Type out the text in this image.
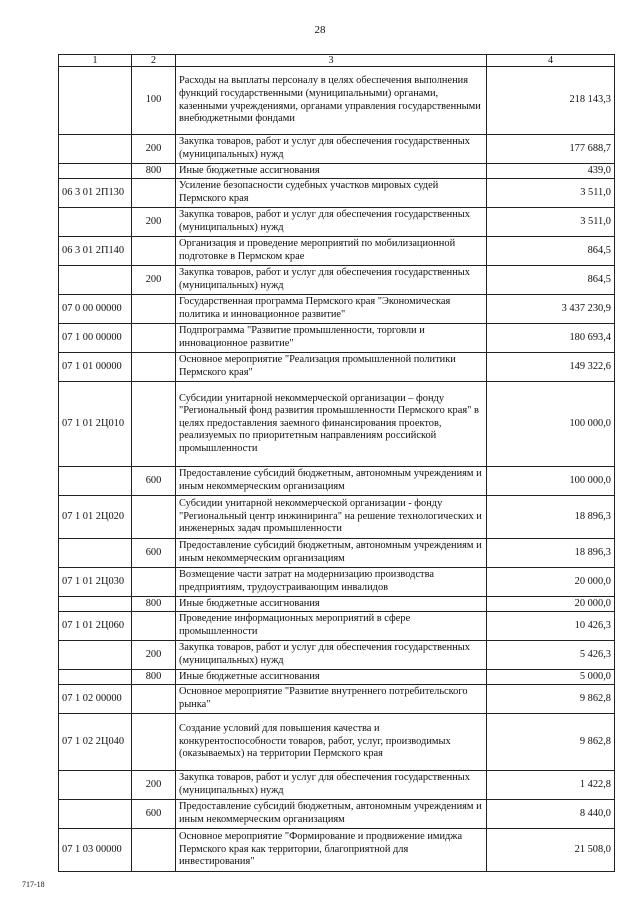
28
1	2	3	4
	100	Расходы на выплаты персоналу в целях обеспечения выполнения функций государственными (муниципальными) органами, казенными учреждениями, органами управления государственными внебюджетными фондами	218 143,3
	200	Закупка товаров, работ и услуг для обеспечения государственных (муниципальных) нужд	177 688,7
	800	Иные бюджетные ассигнования	439,0
06 3 01 2П130		Усиление безопасности судебных участков мировых судей Пермского края	3 511,0
	200	Закупка товаров, работ и услуг для обеспечения государственных (муниципальных) нужд	3 511,0
06 3 01 2П140		Организация и проведение мероприятий по мобилизационной подготовке в Пермском крае	864,5
	200	Закупка товаров, работ и услуг для обеспечения государственных (муниципальных) нужд	864,5
07 0 00 00000		Государственная программа Пермского края "Экономическая политика и инновационное развитие"	3 437 230,9
07 1 00 00000		Подпрограмма "Развитие промышленности, торговли и инновационное развитие"	180 693,4
07 1 01 00000		Основное мероприятие "Реализация промышленной политики Пермского края"	149 322,6
07 1 01 2Ц010		Субсидии унитарной некоммерческой организации – фонду "Региональный фонд развития промышленности Пермского края" в целях предоставления заемного финансирования проектов, реализуемых по приоритетным направлениям российской промышленности	100 000,0
	600	Предоставление субсидий бюджетным, автономным учреждениям и иным некоммерческим организациям	100 000,0
07 1 01 2Ц020		Субсидии унитарной некоммерческой организации - фонду "Региональный центр инжиниринга" на решение технологических и инженерных задач промышленности	18 896,3
	600	Предоставление субсидий бюджетным, автономным учреждениям и иным некоммерческим организациям	18 896,3
07 1 01 2Ц030		Возмещение части затрат на модернизацию производства предприятиям, трудоустраивающим инвалидов	20 000,0
	800	Иные бюджетные ассигнования	20 000,0
07 1 01 2Ц060		Проведение информационных мероприятий в сфере промышленности	10 426,3
	200	Закупка товаров, работ и услуг для обеспечения государственных (муниципальных) нужд	5 426,3
	800	Иные бюджетные ассигнования	5 000,0
07 1 02 00000		Основное мероприятие "Развитие внутреннего потребительского рынка"	9 862,8
07 1 02 2Ц040		Создание условий для повышения качества и конкурентоспособности товаров, работ, услуг, производимых (оказываемых) на территории Пермского края	9 862,8
	200	Закупка товаров, работ и услуг для обеспечения государственных (муниципальных) нужд	1 422,8
	600	Предоставление субсидий бюджетным, автономным учреждениям и иным некоммерческим организациям	8 440,0
07 1 03 00000		Основное мероприятие "Формирование и продвижение имиджа Пермского края как территории, благоприятной для инвестирования"	21 508,0
717-18
